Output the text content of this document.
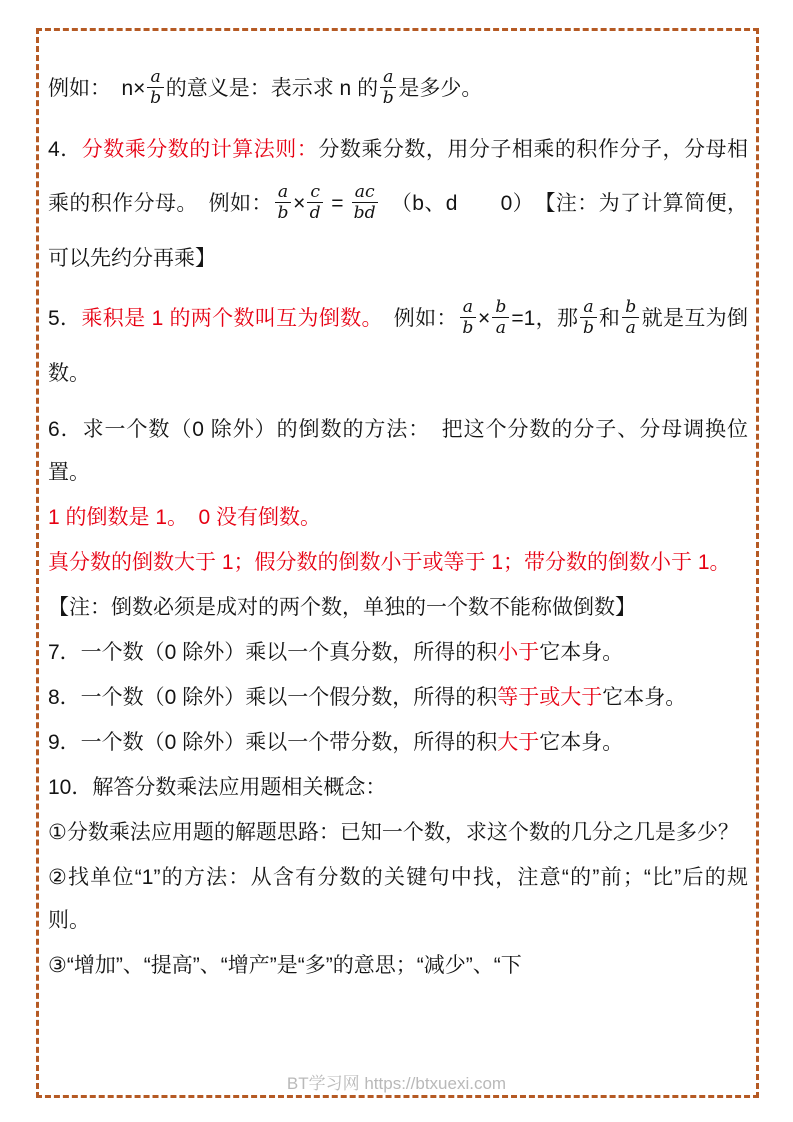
例如：　$n\times \frac{a}{b}$ 的意义是：表示求 n 的 $\frac{a}{b}$ 是多少。

4．分数乘分数的计算法则：分数乘分数，用分子相乘的积作分子，分母相乘的积作分母。　例如： $\frac{a}{b} \times \frac{c}{d} = \frac{ac}{bd}$ 　（b、d　　0）　【注：为了计算简便，可以先约分再乘】

5．乘积是 1 的两个数叫互为倒数。　例如： $\frac{a}{b} \times \frac{b}{a} =1$，那 $\frac{a}{b}$ 和 $\frac{b}{a}$ 就是互为倒数。

6．求一个数（0 除外）的倒数的方法：　把这个分数的分子、分母调换位置。

1 的倒数是 1。　0 没有倒数。

真分数的倒数大于 1；假分数的倒数小于或等于 1；带分数的倒数小于 1。

【注：倒数必须是成对的两个数，单独的一个数不能称做倒数】

7．一个数（0 除外）乘以一个真分数，所得的积小于它本身。

8．一个数（0 除外）乘以一个假分数，所得的积等于或大于它本身。

9．一个数（0 除外）乘以一个带分数，所得的积大于它本身。

10．解答分数乘法应用题相关概念：

①分数乘法应用题的解题思路：已知一个数，求这个数的几分之几是多少？

②找单位“1”的方法：从含有分数的关键句中找，注意“的”前；“比”后的规则。

③“增加”、“提高”、“增产”是“多”的意思；“减少”、“下

BT学习网 https://btxuexi.com
